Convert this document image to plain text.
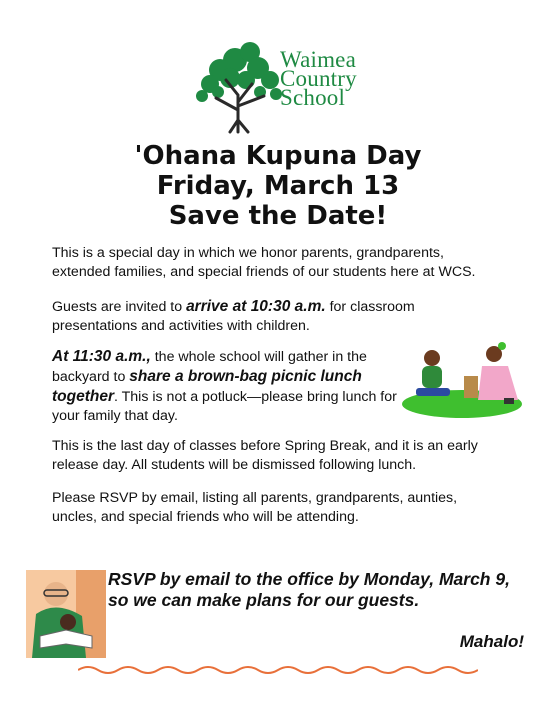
Waimea
Country
School
'Ohana Kupuna Day
Friday, March 13
Save the Date!
This is a special day in which we honor parents, grandparents, extended families, and special friends of our students here at WCS.
Guests are invited to arrive at 10:30 a.m. for classroom presentations and activities with children.
At 11:30 a.m., the whole school will gather in the backyard to share a brown-bag picnic lunch together. This is not a potluck—please bring lunch for your family that day.
This is the last day of classes before Spring Break, and it is an early release day. All students will be dismissed following lunch.
Please RSVP by email, listing all parents, grandparents, aunties, uncles, and special friends who will be attending.
RSVP by email to the office by Monday, March 9, so we can make plans for our guests.
Mahalo!
